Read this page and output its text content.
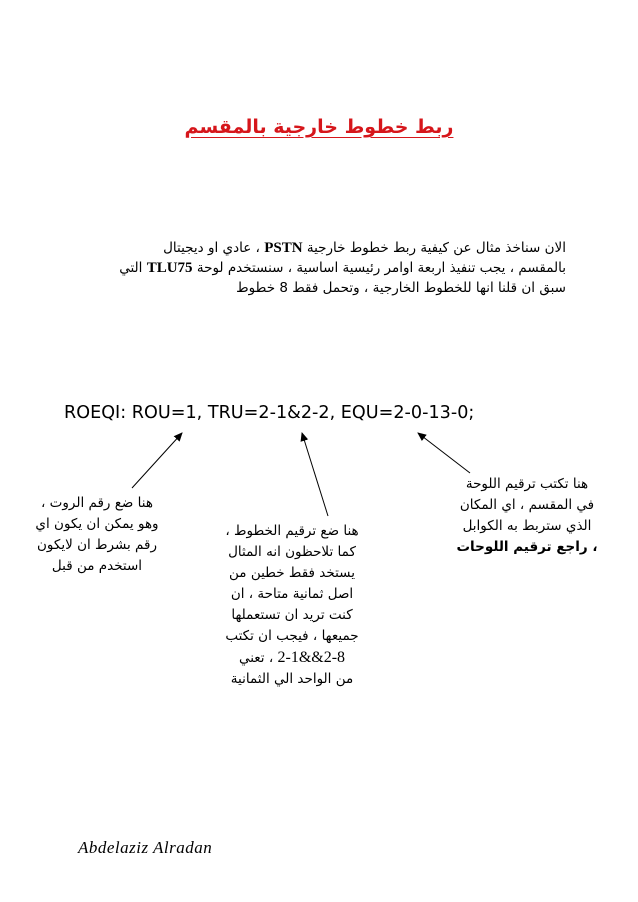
ربط خطوط خارجية بالمقسم
الان سناخذ مثال عن كيفية ربط خطوط خارجية PSTN ، عادي او ديجيتال
بالمقسم ، يجب تنفيذ اربعة اوامر رئيسية اساسية ، سنستخدم لوحة TLU75 التي
سبق ان قلنا انها للخطوط الخارجية ، وتحمل فقط 8 خطوط
ROEQI: ROU=1, TRU=2-1&2-2, EQU=2-0-13-0;
هنا ضع رقم الروت ،
وهو يمكن ان يكون اي
رقم بشرط ان لايكون
استخدم من قبل
هنا ضع ترقيم الخطوط ،
كما تلاحظون انه المثال
يستخد فقط خطين من
اصل ثمانية متاحة ، ان
كنت تريد ان تستعملها
جميعها ، فيجب ان تكتب
2-1&&2-8 ، تعني
من الواحد الي الثمانية
هنا تكتب ترقيم اللوحة
في المقسم ، اي المكان
الذي ستربط به الكوابل
، راجع ترقيم اللوحات
Abdelaziz Alradan
